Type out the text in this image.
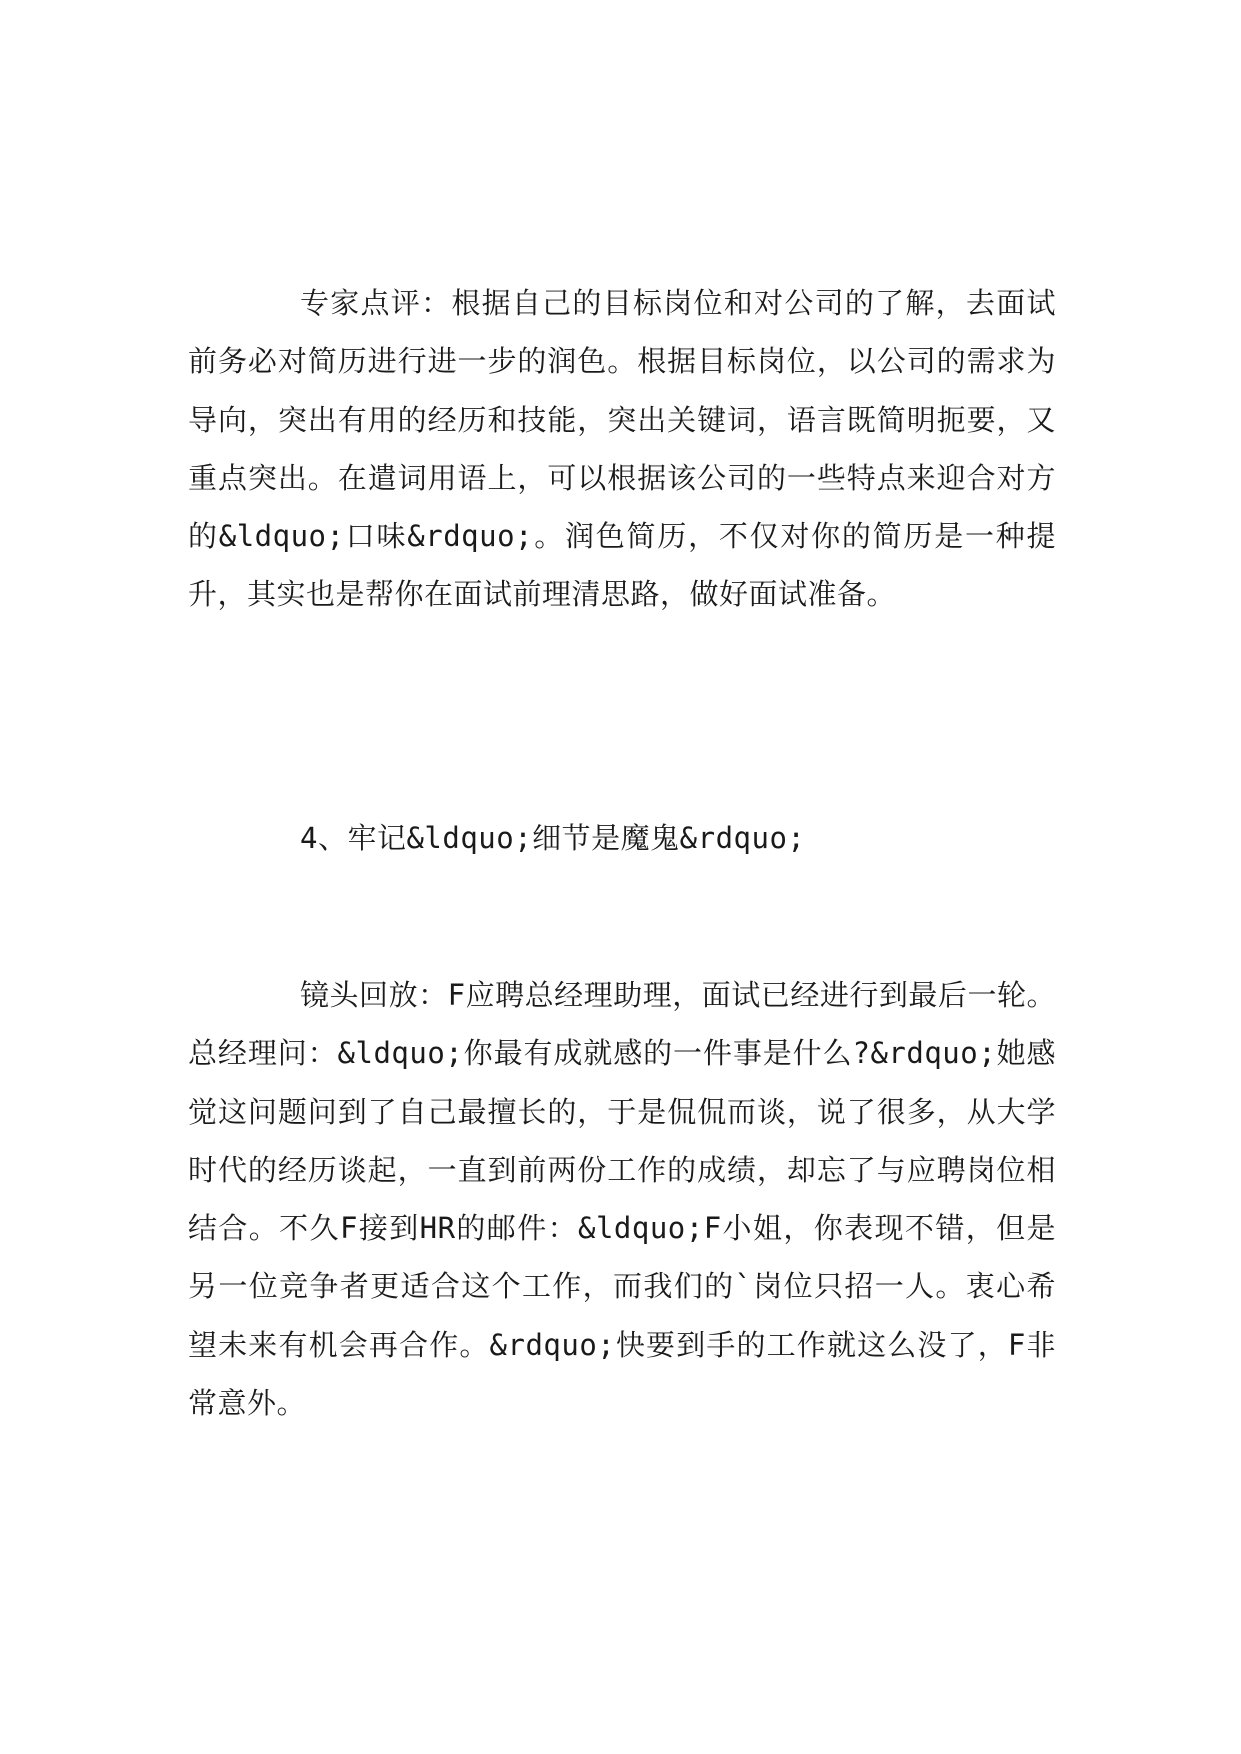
专家点评：根据自己的目标岗位和对公司的了解，去面试前务必对简历进行进一步的润色。根据目标岗位，以公司的需求为导向，突出有用的经历和技能，突出关键词，语言既简明扼要，又重点突出。在遣词用语上，可以根据该公司的一些特点来迎合对方的&ldquo;口味&rdquo;。润色简历，不仅对你的简历是一种提升，其实也是帮你在面试前理清思路，做好面试准备。

4、牢记&ldquo;细节是魔鬼&rdquo;

镜头回放：F应聘总经理助理，面试已经进行到最后一轮。总经理问：&ldquo;你最有成就感的一件事是什么?&rdquo;她感觉这问题问到了自己最擅长的，于是侃侃而谈，说了很多，从大学时代的经历谈起，一直到前两份工作的成绩，却忘了与应聘岗位相结合。不久F接到HR的邮件：&ldquo;F小姐，你表现不错，但是另一位竞争者更适合这个工作，而我们的`岗位只招一人。衷心希望未来有机会再合作。&rdquo;快要到手的工作就这么没了，F非常意外。
